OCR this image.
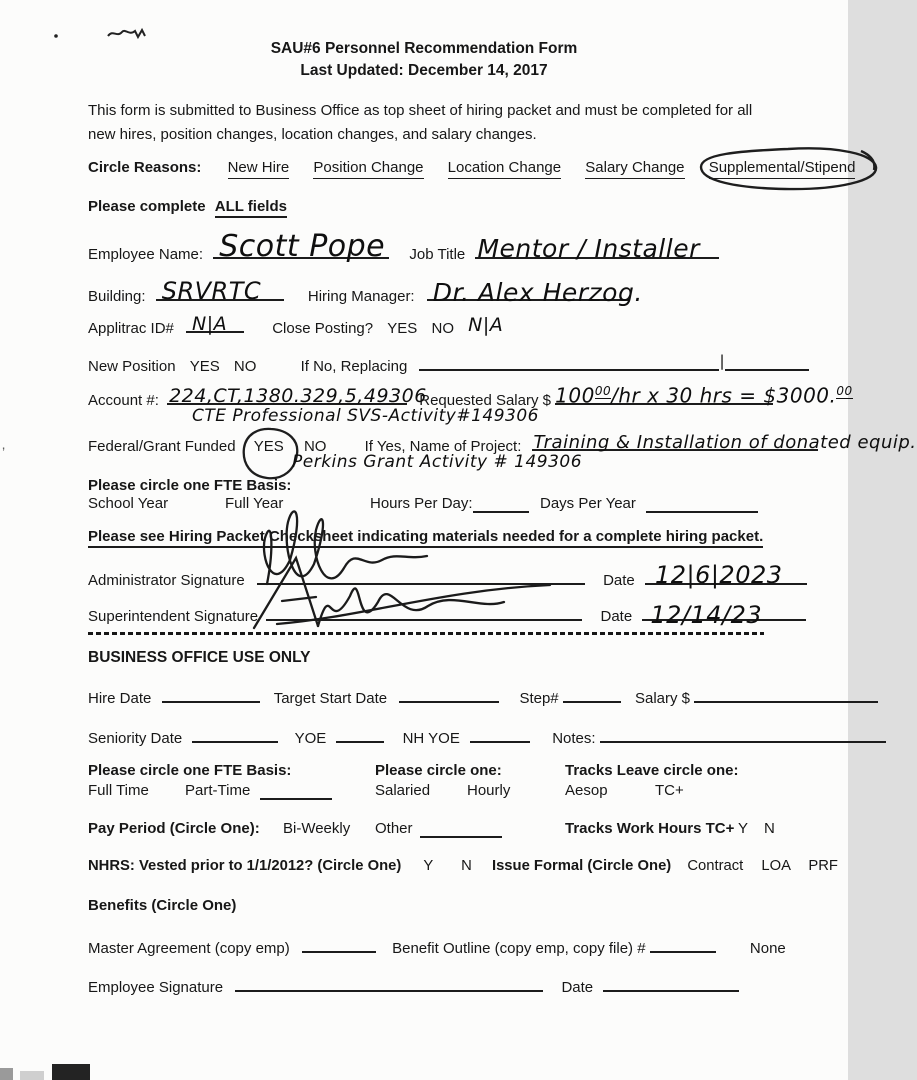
SAU#6 Personnel Recommendation Form
Last Updated: December 14, 2017
This form is submitted to Business Office as top sheet of hiring packet and must be completed for all new hires, position changes, location changes, and salary changes.
Circle Reasons: New Hire Position Change Location Change Salary Change Supplemental/Stipend
Please complete ALL fields
Employee Name: Scott Pope Job Title Mentor / Installer
Building: SRVRTC	Hiring Manager: Dr. Alex Herzog.
Applitrac ID# N|A	Close Posting? YES NO N|A
New Position YES NO	If No, Replacing	|
Account #: 224,CT,1380.329,5,49306
Requested Salary $ $100^{00}/hr$ x 30 hrs = $3000.00
CTE Professional SVS-Activity#149306
Federal/Grant Funded YES NO	If Yes, Name of Project: Training & Installation of donated equip.
Perkins Grant Activity # 149306
Please circle one FTE Basis:
School Year	Full Year	Hours Per Day:	Days Per Year
Please see Hiring Packet Checksheet indicating materials needed for a complete hiring packet.
Administrator Signature	Date 12|6|2023
Superintendent Signature	Date 12/14/23
BUSINESS OFFICE USE ONLY
Hire Date	Target Start Date	Step#	Salary $
Seniority Date	YOE	NH YOE	Notes:
Please circle one FTE Basis:	Please circle one:	Tracks Leave circle one:
Full Time Part-Time	Salaried Hourly	Aesop	TC+
Pay Period (Circle One): Bi-Weekly Other	Tracks Work Hours TC+ Y N
NHRS: Vested prior to 1/1/2012? (Circle One) Y N Issue Formal (Circle One) Contract LOA PRF
Benefits (Circle One)
Master Agreement (copy emp)	Benefit Outline (copy emp, copy file) #	None
Employee Signature	Date
’
